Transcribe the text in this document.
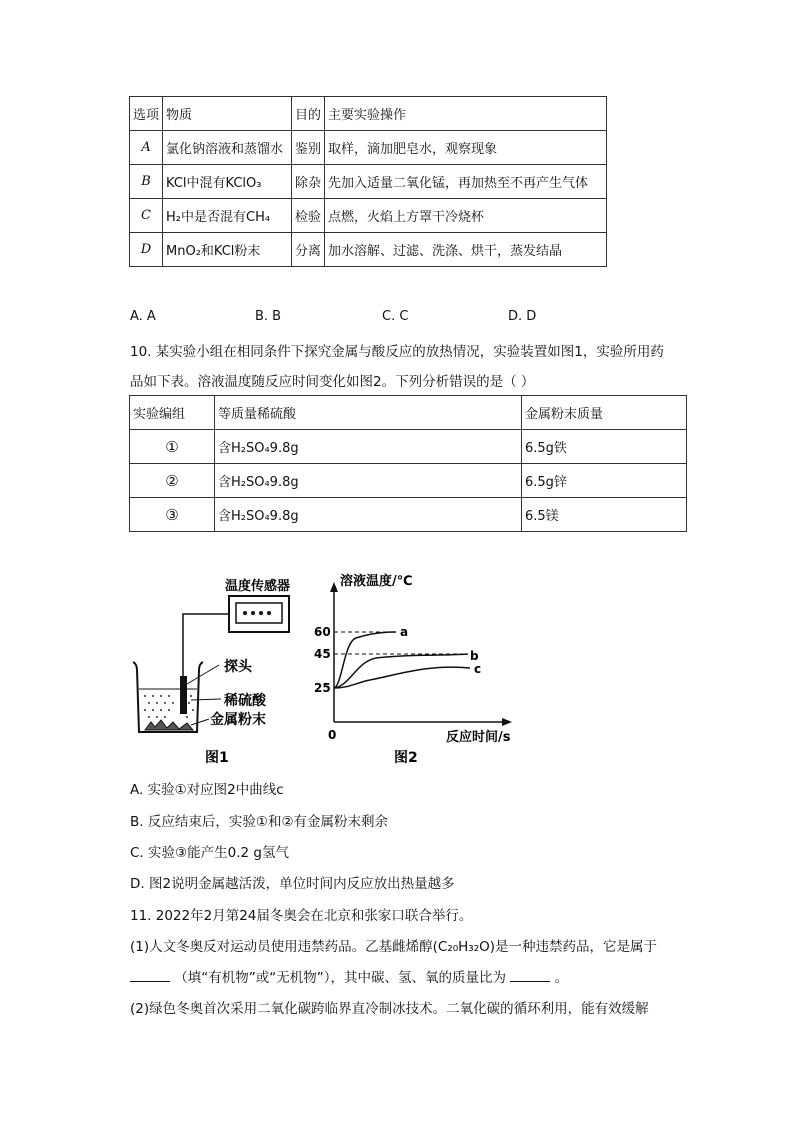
选项	物质	目的	主要实验操作
A	氯化钠溶液和蒸馏水	鉴别	取样，滴加肥皂水，观察现象
B	KCl中混有KClO₃	除杂	先加入适量二氧化锰，再加热至不再产生气体
C	H₂中是否混有CH₄	检验	点燃，火焰上方罩干冷烧杯
D	MnO₂和KCl粉末	分离	加水溶解、过滤、洗涤、烘干，蒸发结晶
A. A	B. B	C. C	D. D
10. 某实验小组在相同条件下探究金属与酸反应的放热情况，实验装置如图1，实验所用药
品如下表。溶液温度随反应时间变化如图2。下列分析错误的是（ ）
实验编组	等质量稀硫酸	金属粉末质量
①	含H₂SO₄9.8g	6.5g铁
②	含H₂SO₄9.8g	6.5g锌
③	含H₂SO₄9.8g	6.5镁
温度传感器
探头
稀硫酸
金属粉末
图1
溶液温度/℃
0	反应时间/s
60
45
25
a
b
c
图2
A. 实验①对应图2中曲线c
B. 反应结束后，实验①和②有金属粉末剩余
C. 实验③能产生0.2 g氢气
D. 图2说明金属越活泼，单位时间内反应放出热量越多
11. 2022年2月第24届冬奥会在北京和张家口联合举行。
(1)人文冬奥反对运动员使用违禁药品。乙基雌烯醇(C₂₀H₃₂O)是一种违禁药品，它是属于
（填“有机物”或“无机物”），其中碳、氢、氧的质量比为	。
(2)绿色冬奥首次采用二氧化碳跨临界直冷制冰技术。二氧化碳的循环利用，能有效缓解
